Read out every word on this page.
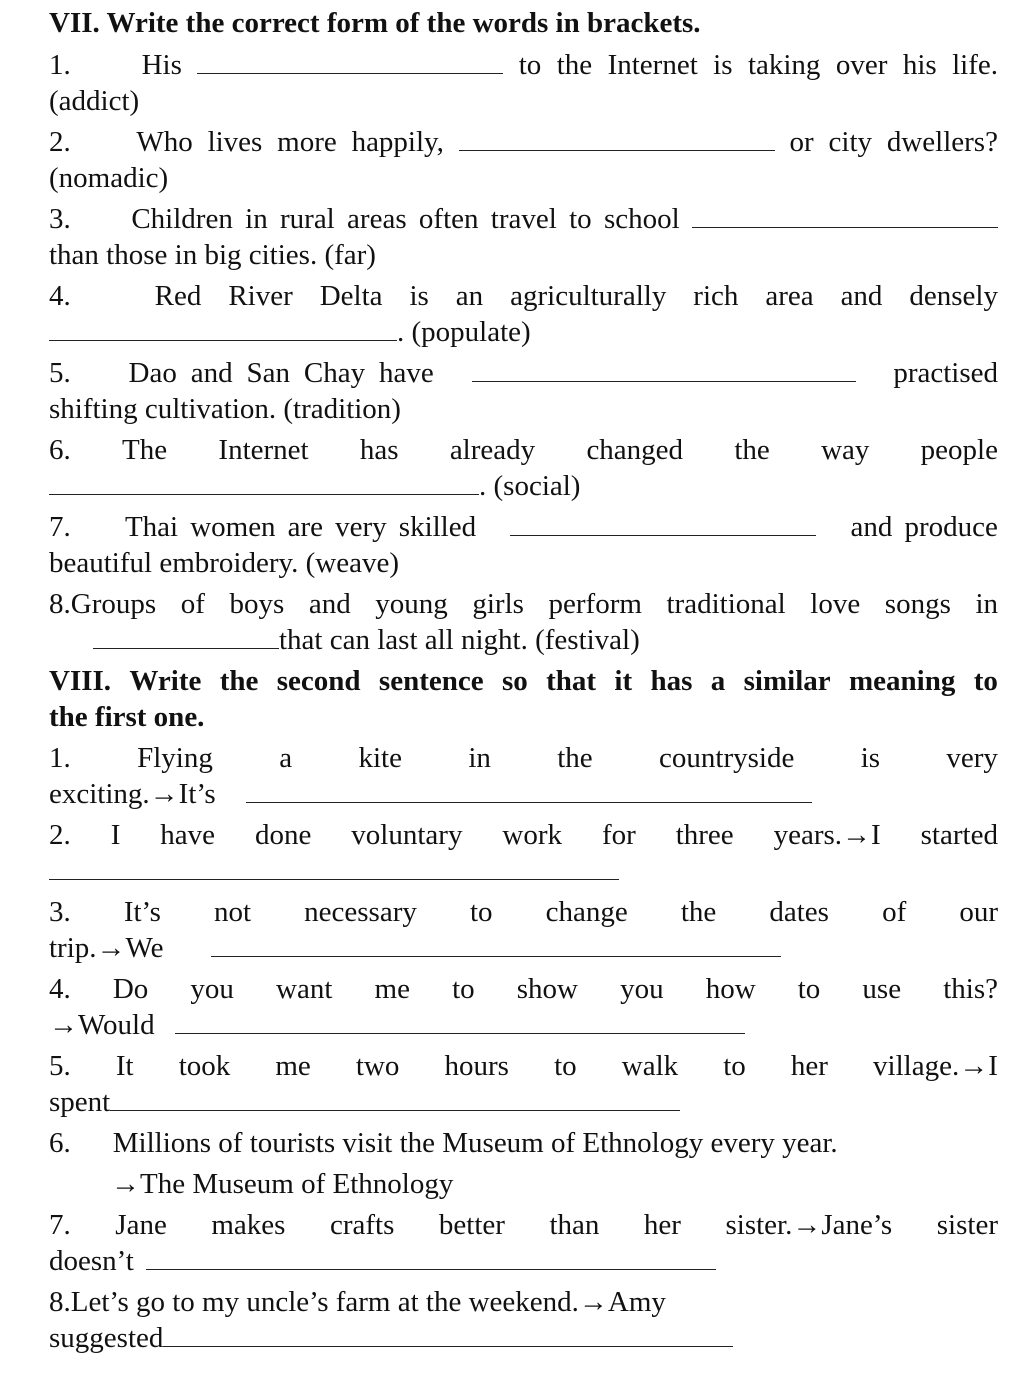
VII. Write the correct form of the words in brackets.
1. His	to the Internet is taking over his life.
(addict)
2. Who lives more happily,	or city dwellers?
(nomadic)
3. Children in rural areas often travel to school
than those in big cities. (far)
4.	Red River Delta is an agriculturally rich area and densely
. (populate)
5. Dao and San Chay have	practised
shifting cultivation. (tradition)
6. The Internet has already changed the way people
. (social)
7. Thai women are very skilled	and produce
beautiful embroidery. (weave)
8.Groups of boys and young girls perform traditional love songs in
that can last all night. (festival)
VIII. Write the second sentence so that it has a similar meaning to
the first one.
1. Flying a kite in the countryside is very
exciting.→It’s
2. I have done voluntary work for three years.→I started
3. It’s not necessary to change the dates of our
trip.→We
4. Do you want me to show you how to use this?
→Would
5. It took me two hours to walk to her village.→I
spent
6. Millions of tourists visit the Museum of Ethnology every year.
→The Museum of Ethnology
7. Jane makes crafts better than her sister.→Jane’s sister
doesn’t
8.Let’s go to my uncle’s farm at the weekend.→Amy
suggested
